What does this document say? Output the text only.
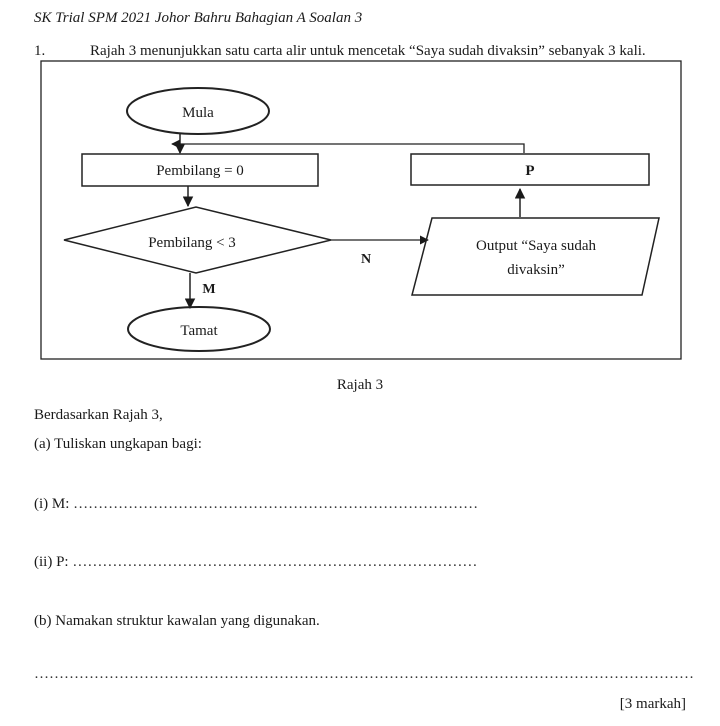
SK Trial SPM 2021 Johor Bahru Bahagian A Soalan 3
1.	Rajah 3 menunjukkan satu carta alir untuk mencetak “Saya sudah divaksin” sebanyak 3 kali.
Mula
Pembilang = 0
Pembilang < 3
N
Output “Saya sudah
divaksin”
P
M
Tamat
Rajah 3
Berdasarkan Rajah 3,
(a) Tuliskan ungkapan bagi:
(i) M: ………………………………………………………………………
(ii) P: ………………………………………………………………………
(b) Namakan struktur kawalan yang digunakan.
……………………………………………………………………………………………………………………
[3 markah]
